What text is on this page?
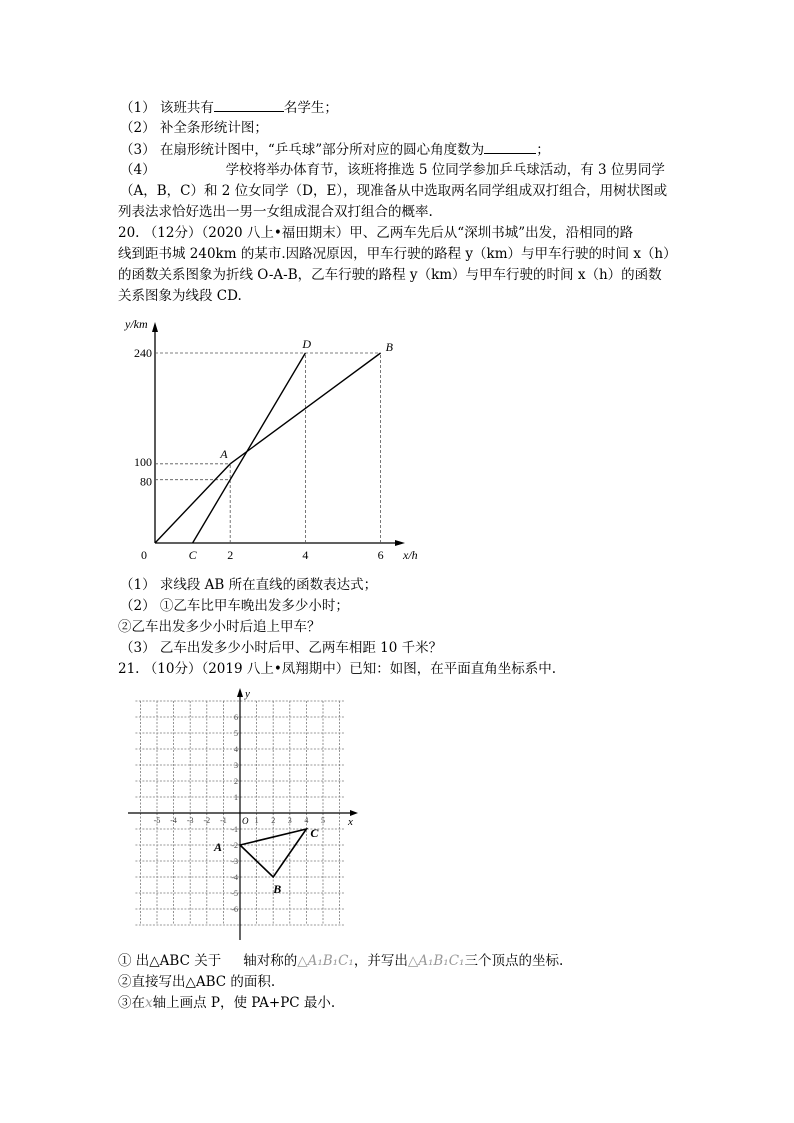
（1） 该班共有	名学生；
（2） 补全条形统计图；
（3） 在扇形统计图中，“乒乓球”部分所对应的圆心角度数为	；
（4）	学校将举办体育节，该班将推选 5 位同学参加乒乓球活动，有 3 位男同学
（A，B，C）和 2 位女同学（D，E），现准备从中选取两名同学组成双打组合，用树状图或
列表法求恰好选出一男一女组成混合双打组合的概率.
20. （12分）（2020 八上•福田期末）甲、乙两车先后从“深圳书城”出发，沿相同的路
线到距书城 240km 的某市.因路况原因，甲车行驶的路程 y（km）与甲车行驶的时间 x（h）
的函数关系图象为折线 O-A-B，乙车行驶的路程 y（km）与甲车行驶的时间 x（h）的函数
关系图象为线段 CD.
y/km
x/h
0
240
100
80
2	4	6
A
B
C
D
（1） 求线段 AB 所在直线的函数表达式；
（2） ①乙车比甲车晚出发多少小时；
②乙车出发多少小时后追上甲车？
（3） 乙车出发多少小时后甲、乙两车相距 10 千米？
21. （10分）（2019 八上•凤翔期中）已知：如图，在平面直角坐标系中.
x
y
O
-5 -4 -3 -2 -1	1 2 3 4 5
6
5
4
3
2
1
-1
-2
-3
-4
-5
-6
A
B
C
① 出△ABC 关于 轴对称的△A₁B₁C₁，并写出△A₁B₁C₁三个顶点的坐标.
②直接写出△ABC 的面积.
③在x轴上画点 P，使 PA+PC 最小.
